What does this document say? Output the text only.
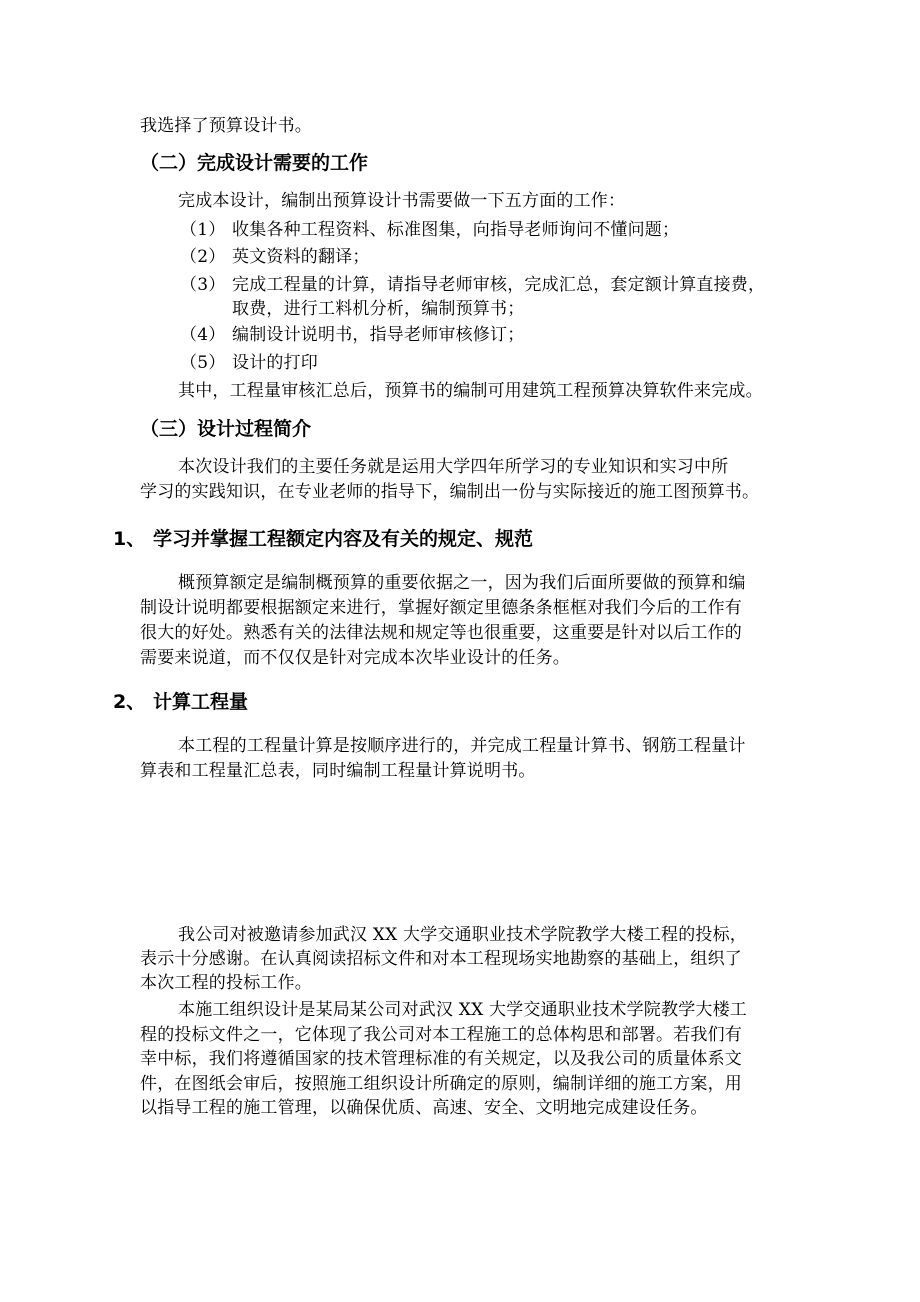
我选择了预算设计书。
（二）完成设计需要的工作
完成本设计，编制出预算设计书需要做一下五方面的工作：
（1） 收集各种工程资料、标准图集，向指导老师询问不懂问题；
（2） 英文资料的翻译；
（3） 完成工程量的计算，请指导老师审核，完成汇总，套定额计算直接费，
取费，进行工料机分析，编制预算书；
（4） 编制设计说明书，指导老师审核修订；
（5） 设计的打印
其中，工程量审核汇总后，预算书的编制可用建筑工程预算决算软件来完成。
（三）设计过程简介
本次设计我们的主要任务就是运用大学四年所学习的专业知识和实习中所
学习的实践知识，在专业老师的指导下，编制出一份与实际接近的施工图预算书。
1、 学习并掌握工程额定内容及有关的规定、规范
概预算额定是编制概预算的重要依据之一，因为我们后面所要做的预算和编
制设计说明都要根据额定来进行，掌握好额定里德条条框框对我们今后的工作有
很大的好处。熟悉有关的法律法规和规定等也很重要，这重要是针对以后工作的
需要来说道，而不仅仅是针对完成本次毕业设计的任务。
2、 计算工程量
本工程的工程量计算是按顺序进行的，并完成工程量计算书、钢筋工程量计
算表和工程量汇总表，同时编制工程量计算说明书。
我公司对被邀请参加武汉 XX 大学交通职业技术学院教学大楼工程的投标，
表示十分感谢。在认真阅读招标文件和对本工程现场实地勘察的基础上，组织了
本次工程的投标工作。
本施工组织设计是某局某公司对武汉 XX 大学交通职业技术学院教学大楼工
程的投标文件之一，它体现了我公司对本工程施工的总体构思和部署。若我们有
幸中标，我们将遵循国家的技术管理标准的有关规定，以及我公司的质量体系文
件，在图纸会审后，按照施工组织设计所确定的原则，编制详细的施工方案，用
以指导工程的施工管理，以确保优质、高速、安全、文明地完成建设任务。
